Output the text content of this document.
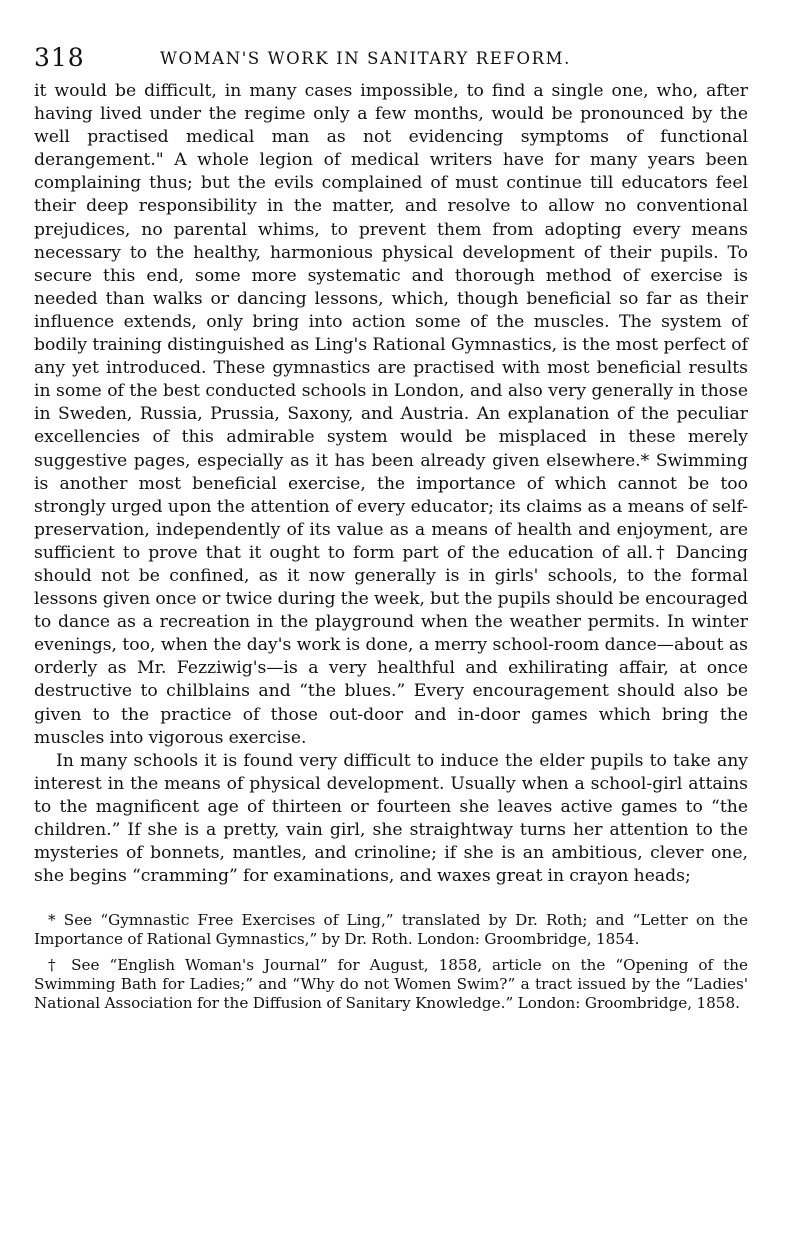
318	WOMAN'S WORK IN SANITARY REFORM.

it would be difficult, in many cases impossible, to find a single one, who, after having lived under the regime only a few months, would be pronounced by the well practised medical man as not evidencing symptoms of functional derangement." A whole legion of medical writers have for many years been complaining thus; but the evils complained of must continue till educators feel their deep responsibility in the matter, and resolve to allow no conventional prejudices, no parental whims, to prevent them from adopting every means necessary to the healthy, harmonious physical development of their pupils. To secure this end, some more systematic and thorough method of exercise is needed than walks or dancing lessons, which, though beneficial so far as their influence extends, only bring into action some of the muscles. The system of bodily training distinguished as Ling's Rational Gymnastics, is the most perfect of any yet introduced. These gymnastics are practised with most beneficial results in some of the best conducted schools in London, and also very generally in those in Sweden, Russia, Prussia, Saxony, and Austria. An explanation of the peculiar excellencies of this admirable system would be misplaced in these merely suggestive pages, especially as it has been already given elsewhere.* Swimming is another most beneficial exercise, the importance of which cannot be too strongly urged upon the attention of every educator; its claims as a means of self-preservation, independently of its value as a means of health and enjoyment, are sufficient to prove that it ought to form part of the education of all.† Dancing should not be confined, as it now generally is in girls' schools, to the formal lessons given once or twice during the week, but the pupils should be encouraged to dance as a recreation in the playground when the weather permits. In winter evenings, too, when the day's work is done, a merry school-room dance—about as orderly as Mr. Fezziwig's—is a very healthful and exhilirating affair, at once destructive to chilblains and “the blues.” Every encouragement should also be given to the practice of those out-door and in-door games which bring the muscles into vigorous exercise.

In many schools it is found very difficult to induce the elder pupils to take any interest in the means of physical development. Usually when a school-girl attains to the magnificent age of thirteen or fourteen she leaves active games to “the children.” If she is a pretty, vain girl, she straightway turns her attention to the mysteries of bonnets, mantles, and crinoline; if she is an ambitious, clever one, she begins “cramming” for examinations, and waxes great in crayon heads;

* See “Gymnastic Free Exercises of Ling,” translated by Dr. Roth; and “Letter on the Importance of Rational Gymnastics,” by Dr. Roth. London: Groombridge, 1854.

† See “English Woman's Journal” for August, 1858, article on the “Opening of the Swimming Bath for Ladies;” and “Why do not Women Swim?” a tract issued by the “Ladies' National Association for the Diffusion of Sanitary Knowledge.” London: Groombridge, 1858.
